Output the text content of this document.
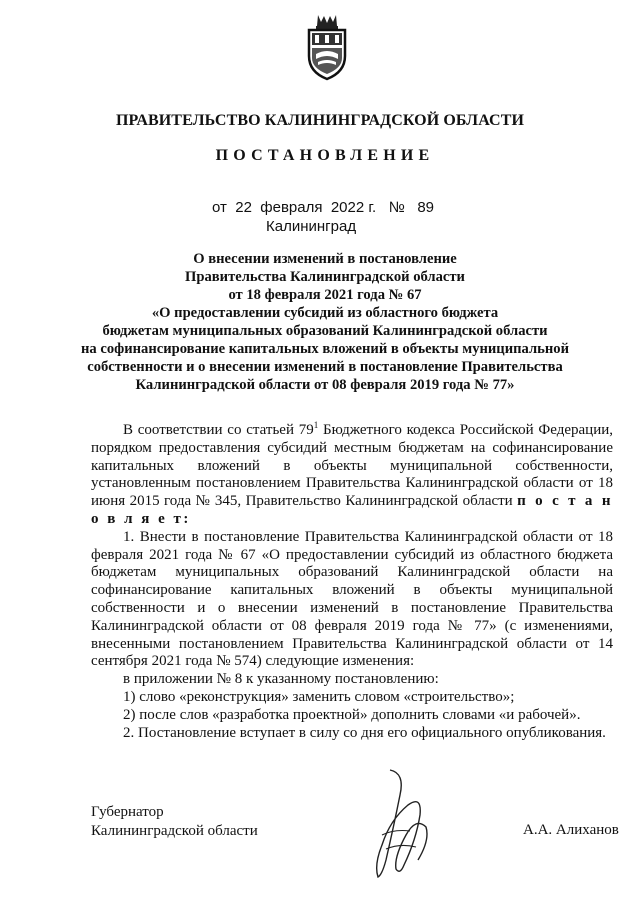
ПРАВИТЕЛЬСТВО КАЛИНИНГРАДСКОЙ ОБЛАСТИ
ПОСТАНОВЛЕНИЕ
от 22 февраля 2022 г. № 89
Калининград
О внесении изменений в постановление
Правительства Калининградской области
от 18 февраля 2021 года № 67
«О предоставлении субсидий из областного бюджета
бюджетам муниципальных образований Калининградской области
на софинансирование капитальных вложений в объекты муниципальной
собственности и о внесении изменений в постановление Правительства
Калининградской области от 08 февраля 2019 года № 77»

В соответствии со статьей $79^1$ Бюджетного кодекса Российской Федерации, порядком предоставления субсидий местным бюджетам на софинансирование капитальных вложений в объекты муниципальной собственности, установленным постановлением Правительства Калининградской области от 18 июня 2015 года № 345, Правительство Калининградской области п о с т а н о в л я е т:

1. Внести в постановление Правительства Калининградской области от 18 февраля 2021 года № 67 «О предоставлении субсидий из областного бюджета бюджетам муниципальных образований Калининградской области на софинансирование капитальных вложений в объекты муниципальной собственности и о внесении изменений в постановление Правительства Калининградской области от 08 февраля 2019 года № 77» (с изменениями, внесенными постановлением Правительства Калининградской области от 14 сентября 2021 года № 574) следующие изменения:

в приложении № 8 к указанному постановлению:

1) слово «реконструкция» заменить словом «строительство»;

2) после слов «разработка проектной» дополнить словами «и рабочей».

2. Постановление вступает в силу со дня его официального опубликования.

Губернатор
Калининградской области	А.А. Алиханов
